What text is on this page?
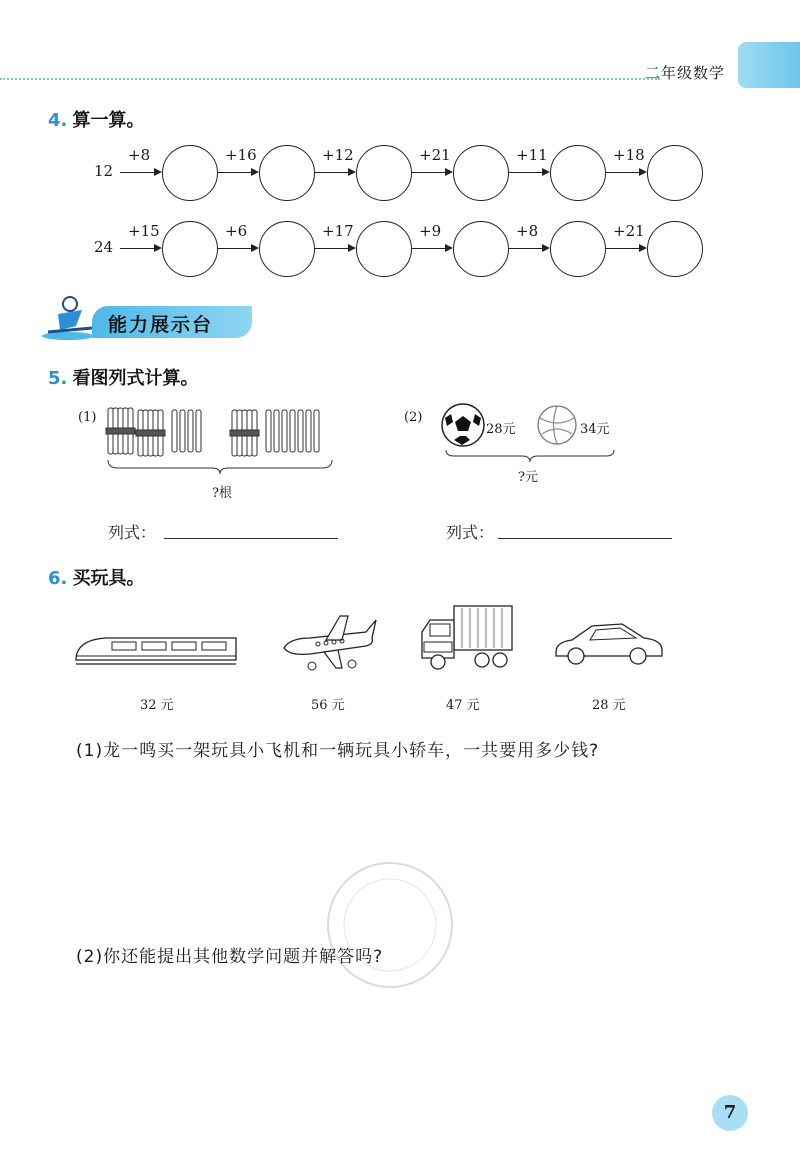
二年级数学
4. 算一算。
12
+8	+16	+12	+21	+11	+18
24
+15	+6	+17	+9	+8	+21
能力展示台
5. 看图列式计算。
(1)
?根
列式：
(2)
28元	34元
?元
列式：
6. 买玩具。
32 元	56 元	47 元	28 元
(1)龙一鸣买一架玩具小飞机和一辆玩具小轿车，一共要用多少钱?
(2)你还能提出其他数学问题并解答吗?
7
